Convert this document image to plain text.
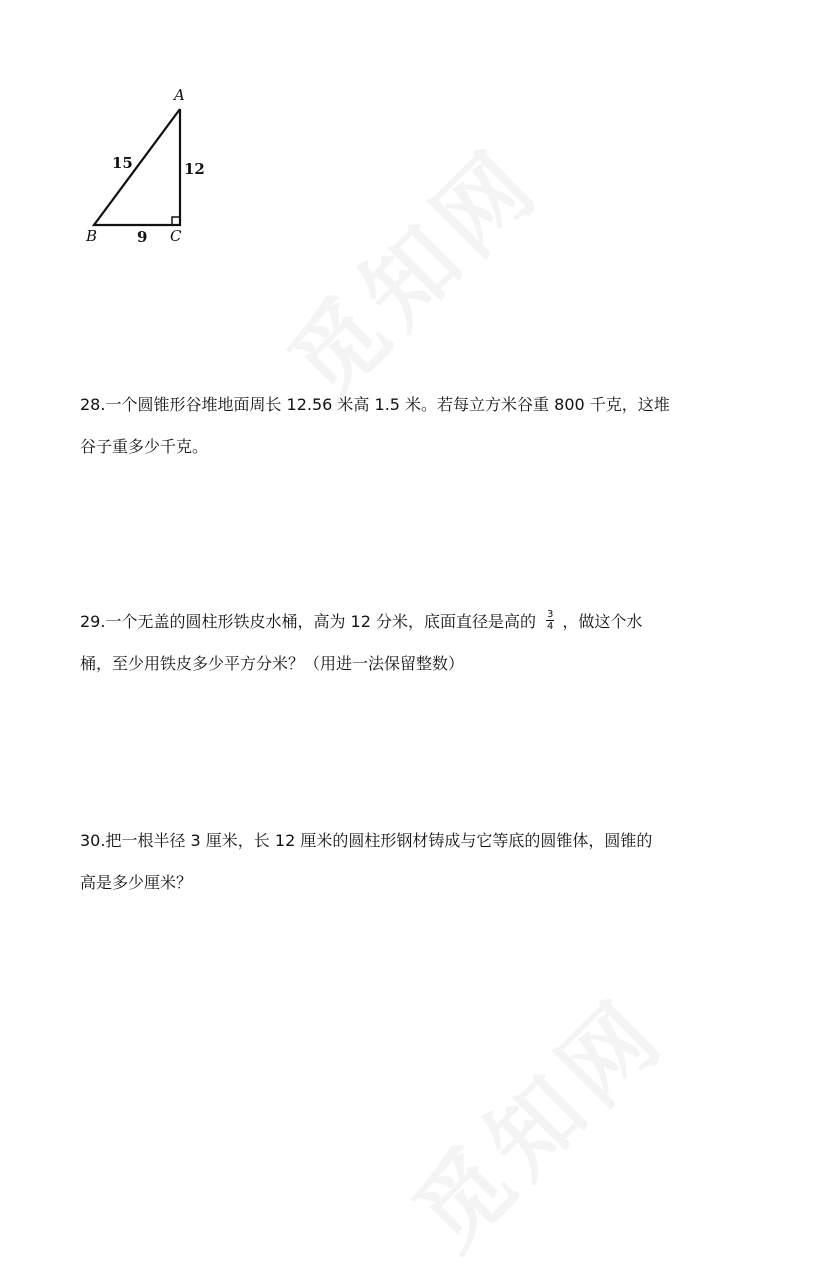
A
B	C
15	12
9
28.一个圆锥形谷堆地面周长 12.56 米高 1.5 米。若每立方米谷重 800 千克，这堆
谷子重多少千克。
29.一个无盖的圆柱形铁皮水桶，高为 12 分米，底面直径是高的 $\frac{3}{4}$ ，做这个水
桶，至少用铁皮多少平方分米？（用进一法保留整数）
30.把一根半径 3 厘米，长 12 厘米的圆柱形钢材铸成与它等底的圆锥体，圆锥的
高是多少厘米？
